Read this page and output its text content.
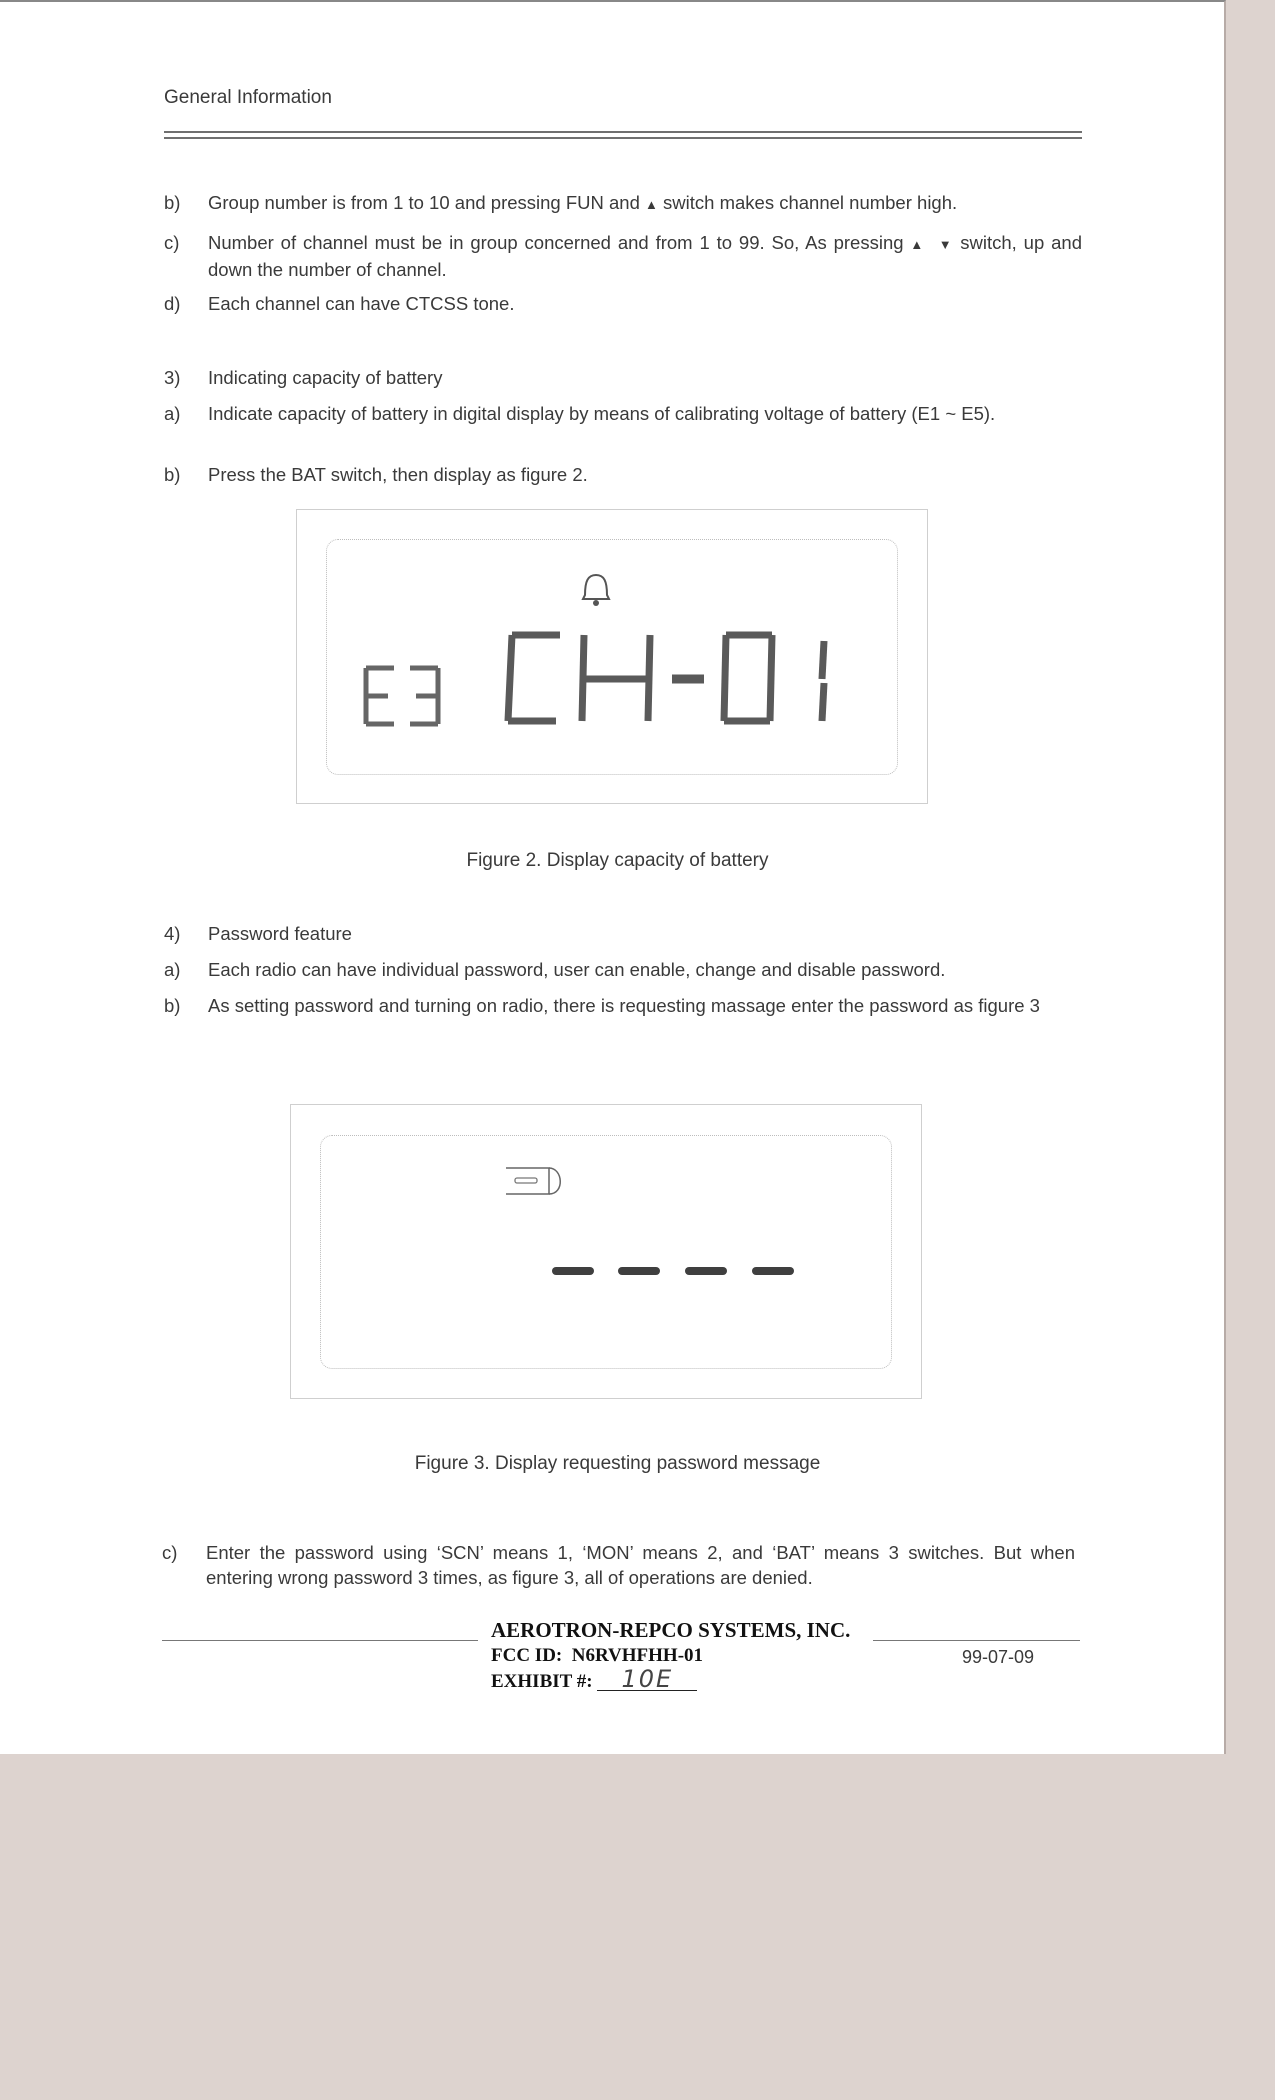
General Information
b) Group number is from 1 to 10 and pressing FUN and ▲ switch makes channel number high.
c) Number of channel must be in group concerned and from 1 to 99. So, As pressing ▲ ▼ switch, up and down the number of channel.
d) Each channel can have CTCSS tone.
3) Indicating capacity of battery
a) Indicate capacity of battery in digital display by means of calibrating voltage of battery (E1 ~ E5).
b) Press the BAT switch, then display as figure 2.
Figure 2. Display capacity of battery
4) Password feature
a) Each radio can have individual password, user can enable, change and disable password.
b) As setting password and turning on radio, there is requesting massage enter the password as figure 3
Figure 3. Display requesting password message
c) Enter the password using ‘SCN’ means 1, ‘MON’ means 2, and ‘BAT’ means 3 switches. But when entering wrong password 3 times, as figure 3, all of operations are denied.
AEROTRON-REPCO SYSTEMS, INC.
FCC ID: N6RVHFHH-01
EXHIBIT #: 10E
99-07-09
